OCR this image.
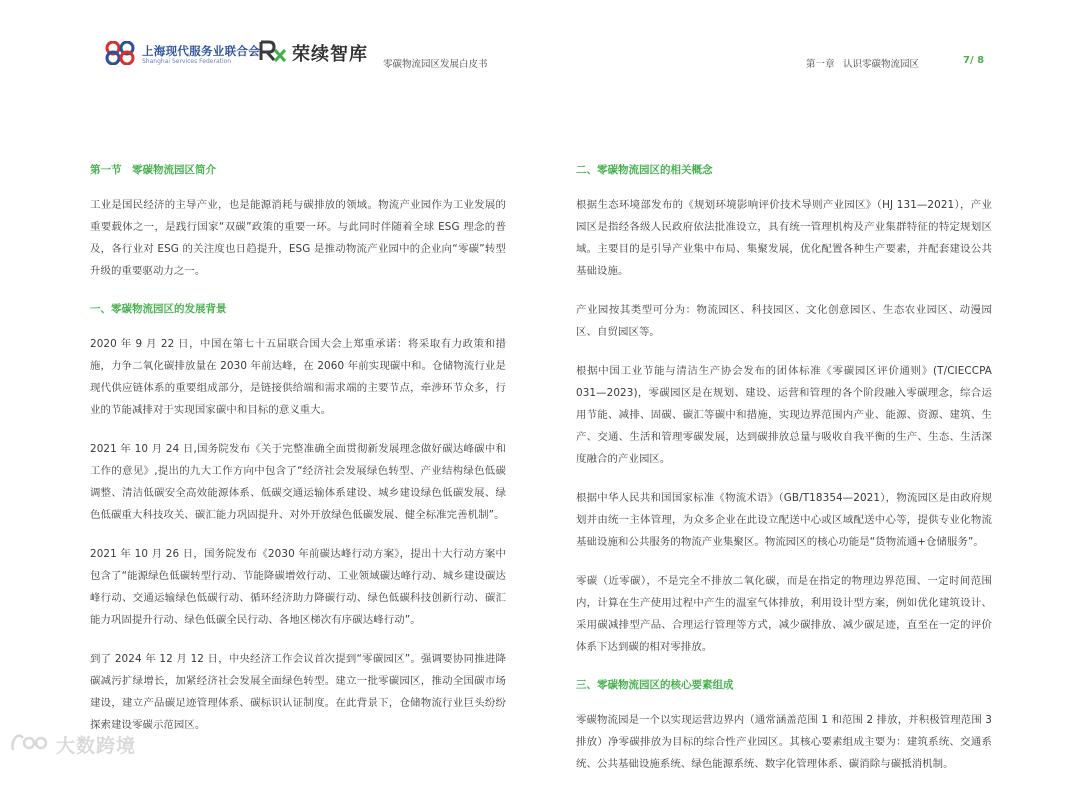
上海现代服务业联合会
Shanghai Services Federation	荣续智库 零碳物流园区发展白皮书	第一章 认识零碳物流园区	7/ 8
第一节　零碳物流园区简介
工业是国民经济的主导产业，也是能源消耗与碳排放的领域。物流产业园作为工业发展的重要载体之一，是践行国家“双碳”政策的重要一环。与此同时伴随着全球 ESG 理念的普及，各行业对 ESG 的关注度也日趋提升，ESG 是推动物流产业园中的企业向“零碳”转型升级的重要驱动力之一。
一、零碳物流园区的发展背景
2020 年 9 月 22 日，中国在第七十五届联合国大会上郑重承诺：将采取有力政策和措施，力争二氧化碳排放量在 2030 年前达峰，在 2060 年前实现碳中和。仓储物流行业是现代供应链体系的重要组成部分，是链接供给端和需求端的主要节点，牵涉环节众多，行业的节能减排对于实现国家碳中和目标的意义重大。
2021 年 10 月 24 日,国务院发布《关于完整准确全面贯彻新发展理念做好碳达峰碳中和工作的意见》,提出的九大工作方向中包含了“经济社会发展绿色转型、产业结构绿色低碳调整、清洁低碳安全高效能源体系、低碳交通运输体系建设、城乡建设绿色低碳发展、绿色低碳重大科技攻关、碳汇能力巩固提升、对外开放绿色低碳发展、健全标准完善机制”。
2021 年 10 月 26 日，国务院发布《2030 年前碳达峰行动方案》，提出十大行动方案中包含了“能源绿色低碳转型行动、节能降碳增效行动、工业领域碳达峰行动、城乡建设碳达峰行动、交通运输绿色低碳行动、循环经济助力降碳行动、绿色低碳科技创新行动、碳汇能力巩固提升行动、绿色低碳全民行动、各地区梯次有序碳达峰行动”。
到了 2024 年 12 月 12 日，中央经济工作会议首次提到“零碳园区”。强调要协同推进降碳减污扩绿增长，加紧经济社会发展全面绿色转型。建立一批零碳园区，推动全国碳市场建设，建立产品碳足迹管理体系、碳标识认证制度。在此背景下，仓储物流行业巨头纷纷探索建设零碳示范园区。
二、零碳物流园区的相关概念
根据生态环境部发布的《规划环境影响评价技术导则产业园区》（HJ 131—2021），产业园区是指经各级人民政府依法批准设立，具有统一管理机构及产业集群特征的特定规划区域。主要目的是引导产业集中布局、集聚发展，优化配置各种生产要素，并配套建设公共基础设施。
产业园按其类型可分为：物流园区、科技园区、文化创意园区、生态农业园区、动漫园区、自贸园区等。
根据中国工业节能与清洁生产协会发布的团体标准《零碳园区评价通则》(T/CIECCPA 031—2023)，零碳园区是在规划、建设、运营和管理的各个阶段融入零碳理念，综合运用节能、减排、固碳、碳汇等碳中和措施，实现边界范围内产业、能源、资源、建筑、生产、交通、生活和管理零碳发展，达到碳排放总量与吸收自我平衡的生产、生态、生活深度融合的产业园区。
根据中华人民共和国国家标准《物流术语》（GB/T18354—2021），物流园区是由政府规划并由统一主体管理，为众多企业在此设立配送中心或区域配送中心等，提供专业化物流基础设施和公共服务的物流产业集聚区。物流园区的核心功能是“货物流通+仓储服务”。
零碳（近零碳），不是完全不排放二氧化碳，而是在指定的物理边界范围、一定时间范围内，计算在生产使用过程中产生的温室气体排放，利用设计型方案，例如优化建筑设计、采用碳减排型产品、合理运行管理等方式，减少碳排放、减少碳足迹，直至在一定的评价体系下达到碳的相对零排放。
三、零碳物流园区的核心要素组成
零碳物流园是一个以实现运营边界内（通常涵盖范围 1 和范围 2 排放，并积极管理范围 3 排放）净零碳排放为目标的综合性产业园区。其核心要素组成主要为：建筑系统、交通系统、公共基础设施系统、绿色能源系统、数字化管理体系、碳消除与碳抵消机制。
大数跨境
